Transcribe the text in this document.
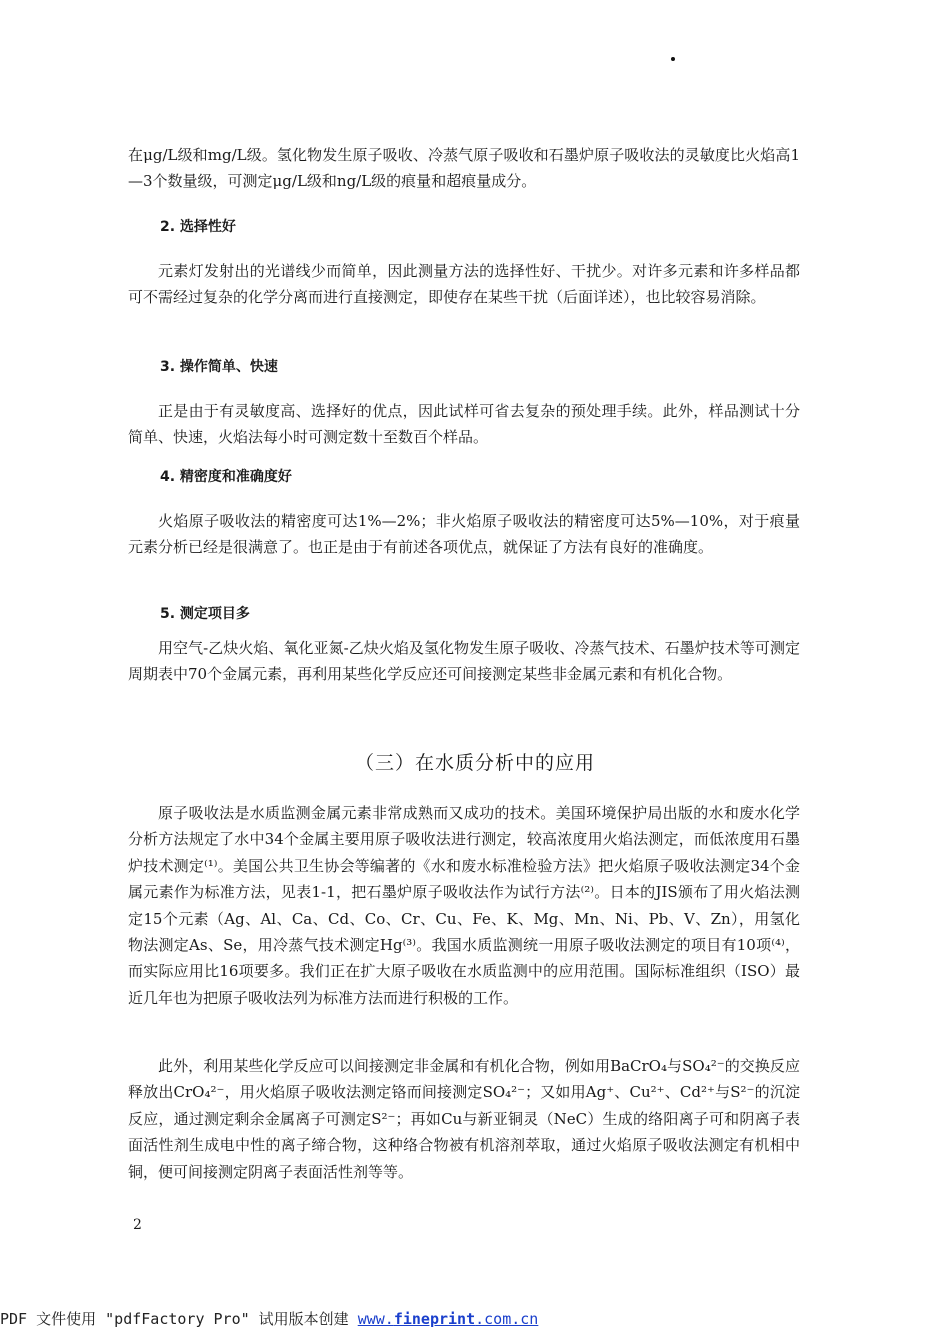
在μg/L级和mg/L级。氢化物发生原子吸收、冷蒸气原子吸收和石墨炉原子吸收法的灵敏度比火焰高1—3个数量级，可测定μg/L级和ng/L级的痕量和超痕量成分。
2. 选择性好
元素灯发射出的光谱线少而简单，因此测量方法的选择性好、干扰少。对许多元素和许多样品都可不需经过复杂的化学分离而进行直接测定，即使存在某些干扰（后面详述），也比较容易消除。
3. 操作简单、快速
正是由于有灵敏度高、选择好的优点，因此试样可省去复杂的预处理手续。此外，样品测试十分简单、快速，火焰法每小时可测定数十至数百个样品。
4. 精密度和准确度好
火焰原子吸收法的精密度可达1%—2%；非火焰原子吸收法的精密度可达5%—10%，对于痕量元素分析已经是很满意了。也正是由于有前述各项优点，就保证了方法有良好的准确度。
5. 测定项目多
用空气-乙炔火焰、氧化亚氮-乙炔火焰及氢化物发生原子吸收、冷蒸气技术、石墨炉技术等可测定周期表中70个金属元素，再利用某些化学反应还可间接测定某些非金属元素和有机化合物。
（三）在水质分析中的应用
原子吸收法是水质监测金属元素非常成熟而又成功的技术。美国环境保护局出版的水和废水化学分析方法规定了水中34个金属主要用原子吸收法进行测定，较高浓度用火焰法测定，而低浓度用石墨炉技术测定⁽¹⁾。美国公共卫生协会等编著的《水和废水标准检验方法》把火焰原子吸收法测定34个金属元素作为标准方法，见表1-1，把石墨炉原子吸收法作为试行方法⁽²⁾。日本的JIS颁布了用火焰法测定15个元素（Ag、Al、Ca、Cd、Co、Cr、Cu、Fe、K、Mg、Mn、Ni、Pb、V、Zn），用氢化物法测定As、Se，用冷蒸气技术测定Hg⁽³⁾。我国水质监测统一用原子吸收法测定的项目有10项⁽⁴⁾，而实际应用比16项要多。我们正在扩大原子吸收在水质监测中的应用范围。国际标准组织（ISO）最近几年也为把原子吸收法列为标准方法而进行积极的工作。
此外，利用某些化学反应可以间接测定非金属和有机化合物，例如用BaCrO₄与SO₄²⁻的交换反应释放出CrO₄²⁻，用火焰原子吸收法测定铬而间接测定SO₄²⁻；又如用Ag⁺、Cu²⁺、Cd²⁺与S²⁻的沉淀反应，通过测定剩余金属离子可测定S²⁻；再如Cu与新亚铜灵（NeC）生成的络阳离子可和阴离子表面活性剂生成电中性的离子缔合物，这种络合物被有机溶剂萃取，通过火焰原子吸收法测定有机相中铜，便可间接测定阴离子表面活性剂等等。
2
PDF 文件使用 "pdfFactory Pro" 试用版本创建 www.fineprint.com.cn
